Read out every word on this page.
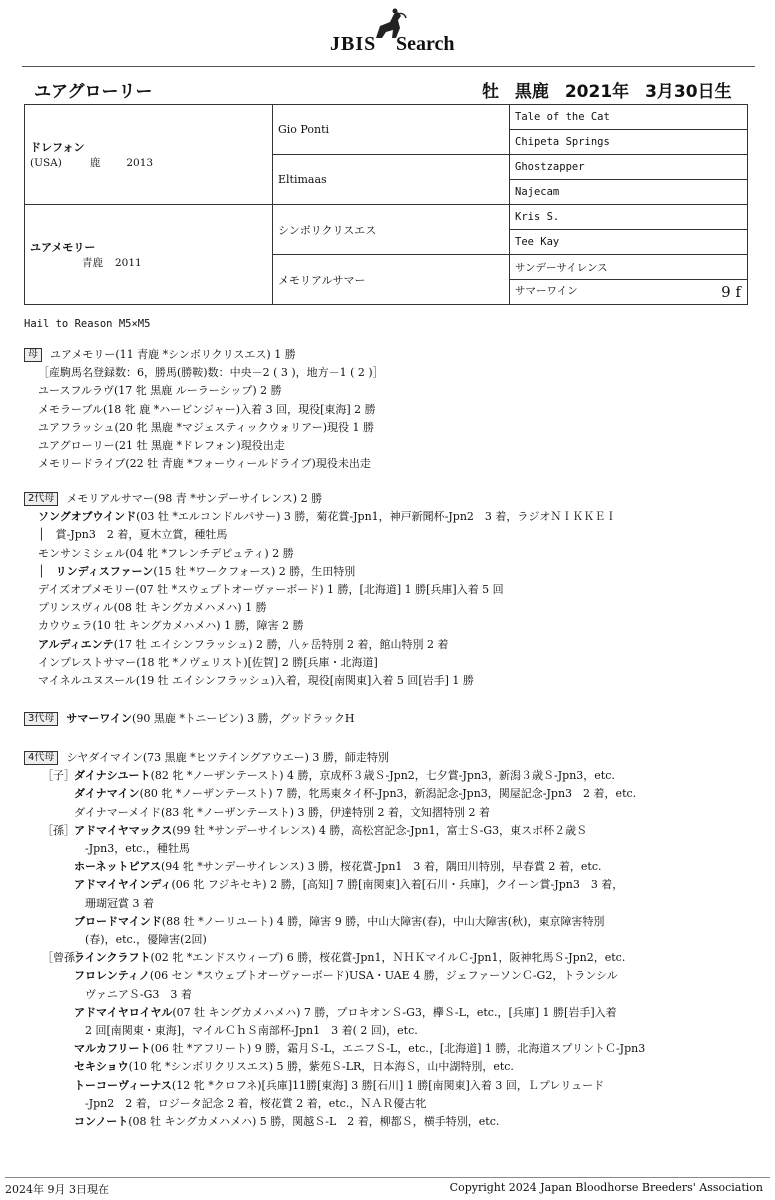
JBIS Search
ユアグローリー	牡 黒鹿 2021年 3月30日生
ドレフォン
(USA) 鹿 2013	Gio Ponti	Tale of the Cat
		Chipeta Springs
	Eltimaas	Ghostzapper
		Najecam

ユアメモリー
青鹿 2011	シンボリクリスエス	Kris S.
		Tee Kay
	メモリアルサマー	サンデーサイレンス
		サマーワイン 9 f
Hail to Reason M5×M5
母 ユアメモリー(11 青鹿 *シンボリクリスエス) 1 勝
［産駒馬名登録数：6，勝馬(勝鞍)数：中央－2 ( 3 )，地方－1 ( 2 )］
ユースフルラヴ(17 牝 黒鹿 ルーラーシップ) 2 勝
メモラーブル(18 牝 鹿 *ハービンジャー)入着 3 回，現役[東海] 2 勝
ユアフラッシュ(20 牝 黒鹿 *マジェスティックウォリアー)現役 1 勝
ユアグローリー(21 牡 黒鹿 *ドレフォン)現役出走
メモリードライブ(22 牡 青鹿 *フォーウィールドライブ)現役未出走
2代母 メモリアルサマー(98 青 *サンデーサイレンス) 2 勝
ソングオブウインド(03 牡 *エルコンドルパサー) 3 勝，菊花賞-Jpn1，神戸新聞杯-Jpn2　3 着，ラジオＮＩＫＫＥＩ
│　賞-Jpn3　2 着，夏木立賞，種牡馬
モンサンミシェル(04 牝 *フレンチデピュティ) 2 勝
│　リンディスファーン(15 牡 *ワークフォース) 2 勝，生田特別
デイズオブメモリー(07 牡 *スウェプトオーヴァーボード) 1 勝，[北海道] 1 勝[兵庫]入着 5 回
プリンスヴィル(08 牡 キングカメハメハ) 1 勝
カウウェラ(10 牡 キングカメハメハ) 1 勝，障害 2 勝
アルディエンテ(17 牡 エイシンフラッシュ) 2 勝，八ヶ岳特別 2 着，館山特別 2 着
インプレストサマー(18 牝 *ノヴェリスト)[佐賀] 2 勝[兵庫・北海道]
マイネルユヌスール(19 牡 エイシンフラッシュ)入着，現役[南関東]入着 5 回[岩手] 1 勝
3代母 サマーワイン(90 黒鹿 *トニービン) 3 勝，グッドラックH
4代母 シヤダイマイン(73 黒鹿 *ヒツテイングアウエー) 3 勝，師走特別
［子］ダイナシユート(82 牝 *ノーザンテースト) 4 勝，京成杯３歳Ｓ-Jpn2，七夕賞-Jpn3，新潟３歳Ｓ-Jpn3，etc.
ダイナマイン(80 牝 *ノーザンテースト) 7 勝，牝馬東タイ杯-Jpn3，新潟記念-Jpn3，関屋記念-Jpn3　2 着，etc.
ダイナマーメイド(83 牝 *ノーザンテースト) 3 勝，伊達特別 2 着，文知摺特別 2 着
［孫］アドマイヤマックス(99 牡 *サンデーサイレンス) 4 勝，高松宮記念-Jpn1，富士Ｓ-G3，東スポ杯２歳Ｓ
　-Jpn3，etc.，種牡馬
ホーネットピアス(94 牝 *サンデーサイレンス) 3 勝，桜花賞-Jpn1　3 着，隅田川特別，早春賞 2 着，etc.
アドマイヤインディ(06 牝 フジキセキ) 2 勝，[高知] 7 勝[南関東]入着[石川・兵庫]，クイーン賞-Jpn3　3 着，
　珊瑚冠賞 3 着
ブロードマインド(88 牡 *ノーリユート) 4 勝，障害 9 勝，中山大障害(春)，中山大障害(秋)，東京障害特別
　(春)，etc.，優障害(2回)
［曾孫］ラインクラフト(02 牝 *エンドスウィープ) 6 勝，桜花賞-Jpn1，ＮＨＫマイルＣ-Jpn1，阪神牝馬Ｓ-Jpn2，etc.
フロレンティノ(06 セン *スウェプトオーヴァーボード)USA・UAE 4 勝，ジェファーソンＣ-G2，トランシル
　ヴァニアＳ-G3　3 着
アドマイヤロイヤル(07 牡 キングカメハメハ) 7 勝，プロキオンＳ-G3，欅Ｓ-L，etc.，[兵庫] 1 勝[岩手]入着
　2 回[南関東・東海]，マイルＣｈＳ南部杯-Jpn1　3 着( 2 回)，etc.
マルカフリート(06 牡 *アフリート) 9 勝，霜月Ｓ-L，エニフＳ-L，etc.，[北海道] 1 勝，北海道スプリントＣ-Jpn3
セキショウ(10 牝 *シンボリクリスエス) 5 勝，紫苑Ｓ-LR，日本海Ｓ，山中湖特別，etc.
トーコーヴィーナス(12 牝 *クロフネ)[兵庫]11勝[東海] 3 勝[石川] 1 勝[南関東]入着 3 回，Ｌプレリュード
　-Jpn2　2 着，ロジータ記念 2 着，桜花賞 2 着，etc.，ＮＡＲ優古牝
コンノート(08 牡 キングカメハメハ) 5 勝，関越Ｓ-L　2 着，柳都Ｓ，横手特別，etc.
2024年 9月 3日現在	Copyright 2024 Japan Bloodhorse Breeders' Association
